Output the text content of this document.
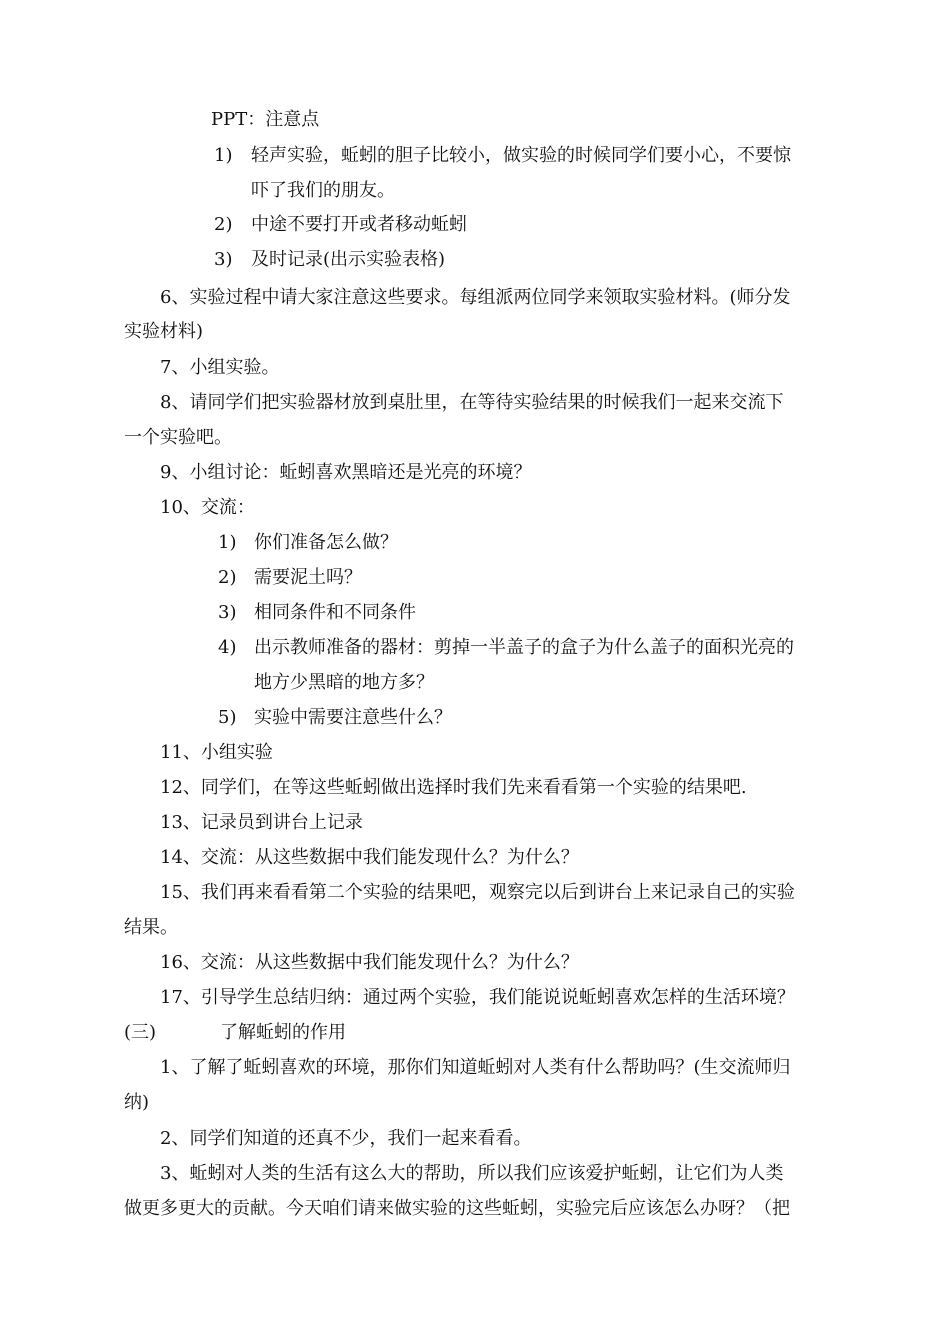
PPT：注意点
1) 轻声实验，蚯蚓的胆子比较小，做实验的时候同学们要小心，不要惊
吓了我们的朋友。
2) 中途不要打开或者移动蚯蚓
3) 及时记录(出示实验表格)
6、实验过程中请大家注意这些要求。每组派两位同学来领取实验材料。(师分发
实验材料)
7、小组实验。
8、请同学们把实验器材放到桌肚里，在等待实验结果的时候我们一起来交流下
一个实验吧。
9、小组讨论：蚯蚓喜欢黑暗还是光亮的环境？
10、交流：
1) 你们准备怎么做？
2) 需要泥土吗？
3) 相同条件和不同条件
4) 出示教师准备的器材：剪掉一半盖子的盒子为什么盖子的面积光亮的
地方少黑暗的地方多？
5) 实验中需要注意些什么？
11、小组实验
12、同学们，在等这些蚯蚓做出选择时我们先来看看第一个实验的结果吧.
13、记录员到讲台上记录
14、交流：从这些数据中我们能发现什么？为什么？
15、我们再来看看第二个实验的结果吧，观察完以后到讲台上来记录自己的实验
结果。
16、交流：从这些数据中我们能发现什么？为什么？
17、引导学生总结归纳：通过两个实验，我们能说说蚯蚓喜欢怎样的生活环境？
(三)	了解蚯蚓的作用
1、了解了蚯蚓喜欢的环境，那你们知道蚯蚓对人类有什么帮助吗？(生交流师归
纳)
2、同学们知道的还真不少，我们一起来看看。
3、蚯蚓对人类的生活有这么大的帮助，所以我们应该爱护蚯蚓，让它们为人类
做更多更大的贡献。今天咱们请来做实验的这些蚯蚓，实验完后应该怎么办呀？（把
